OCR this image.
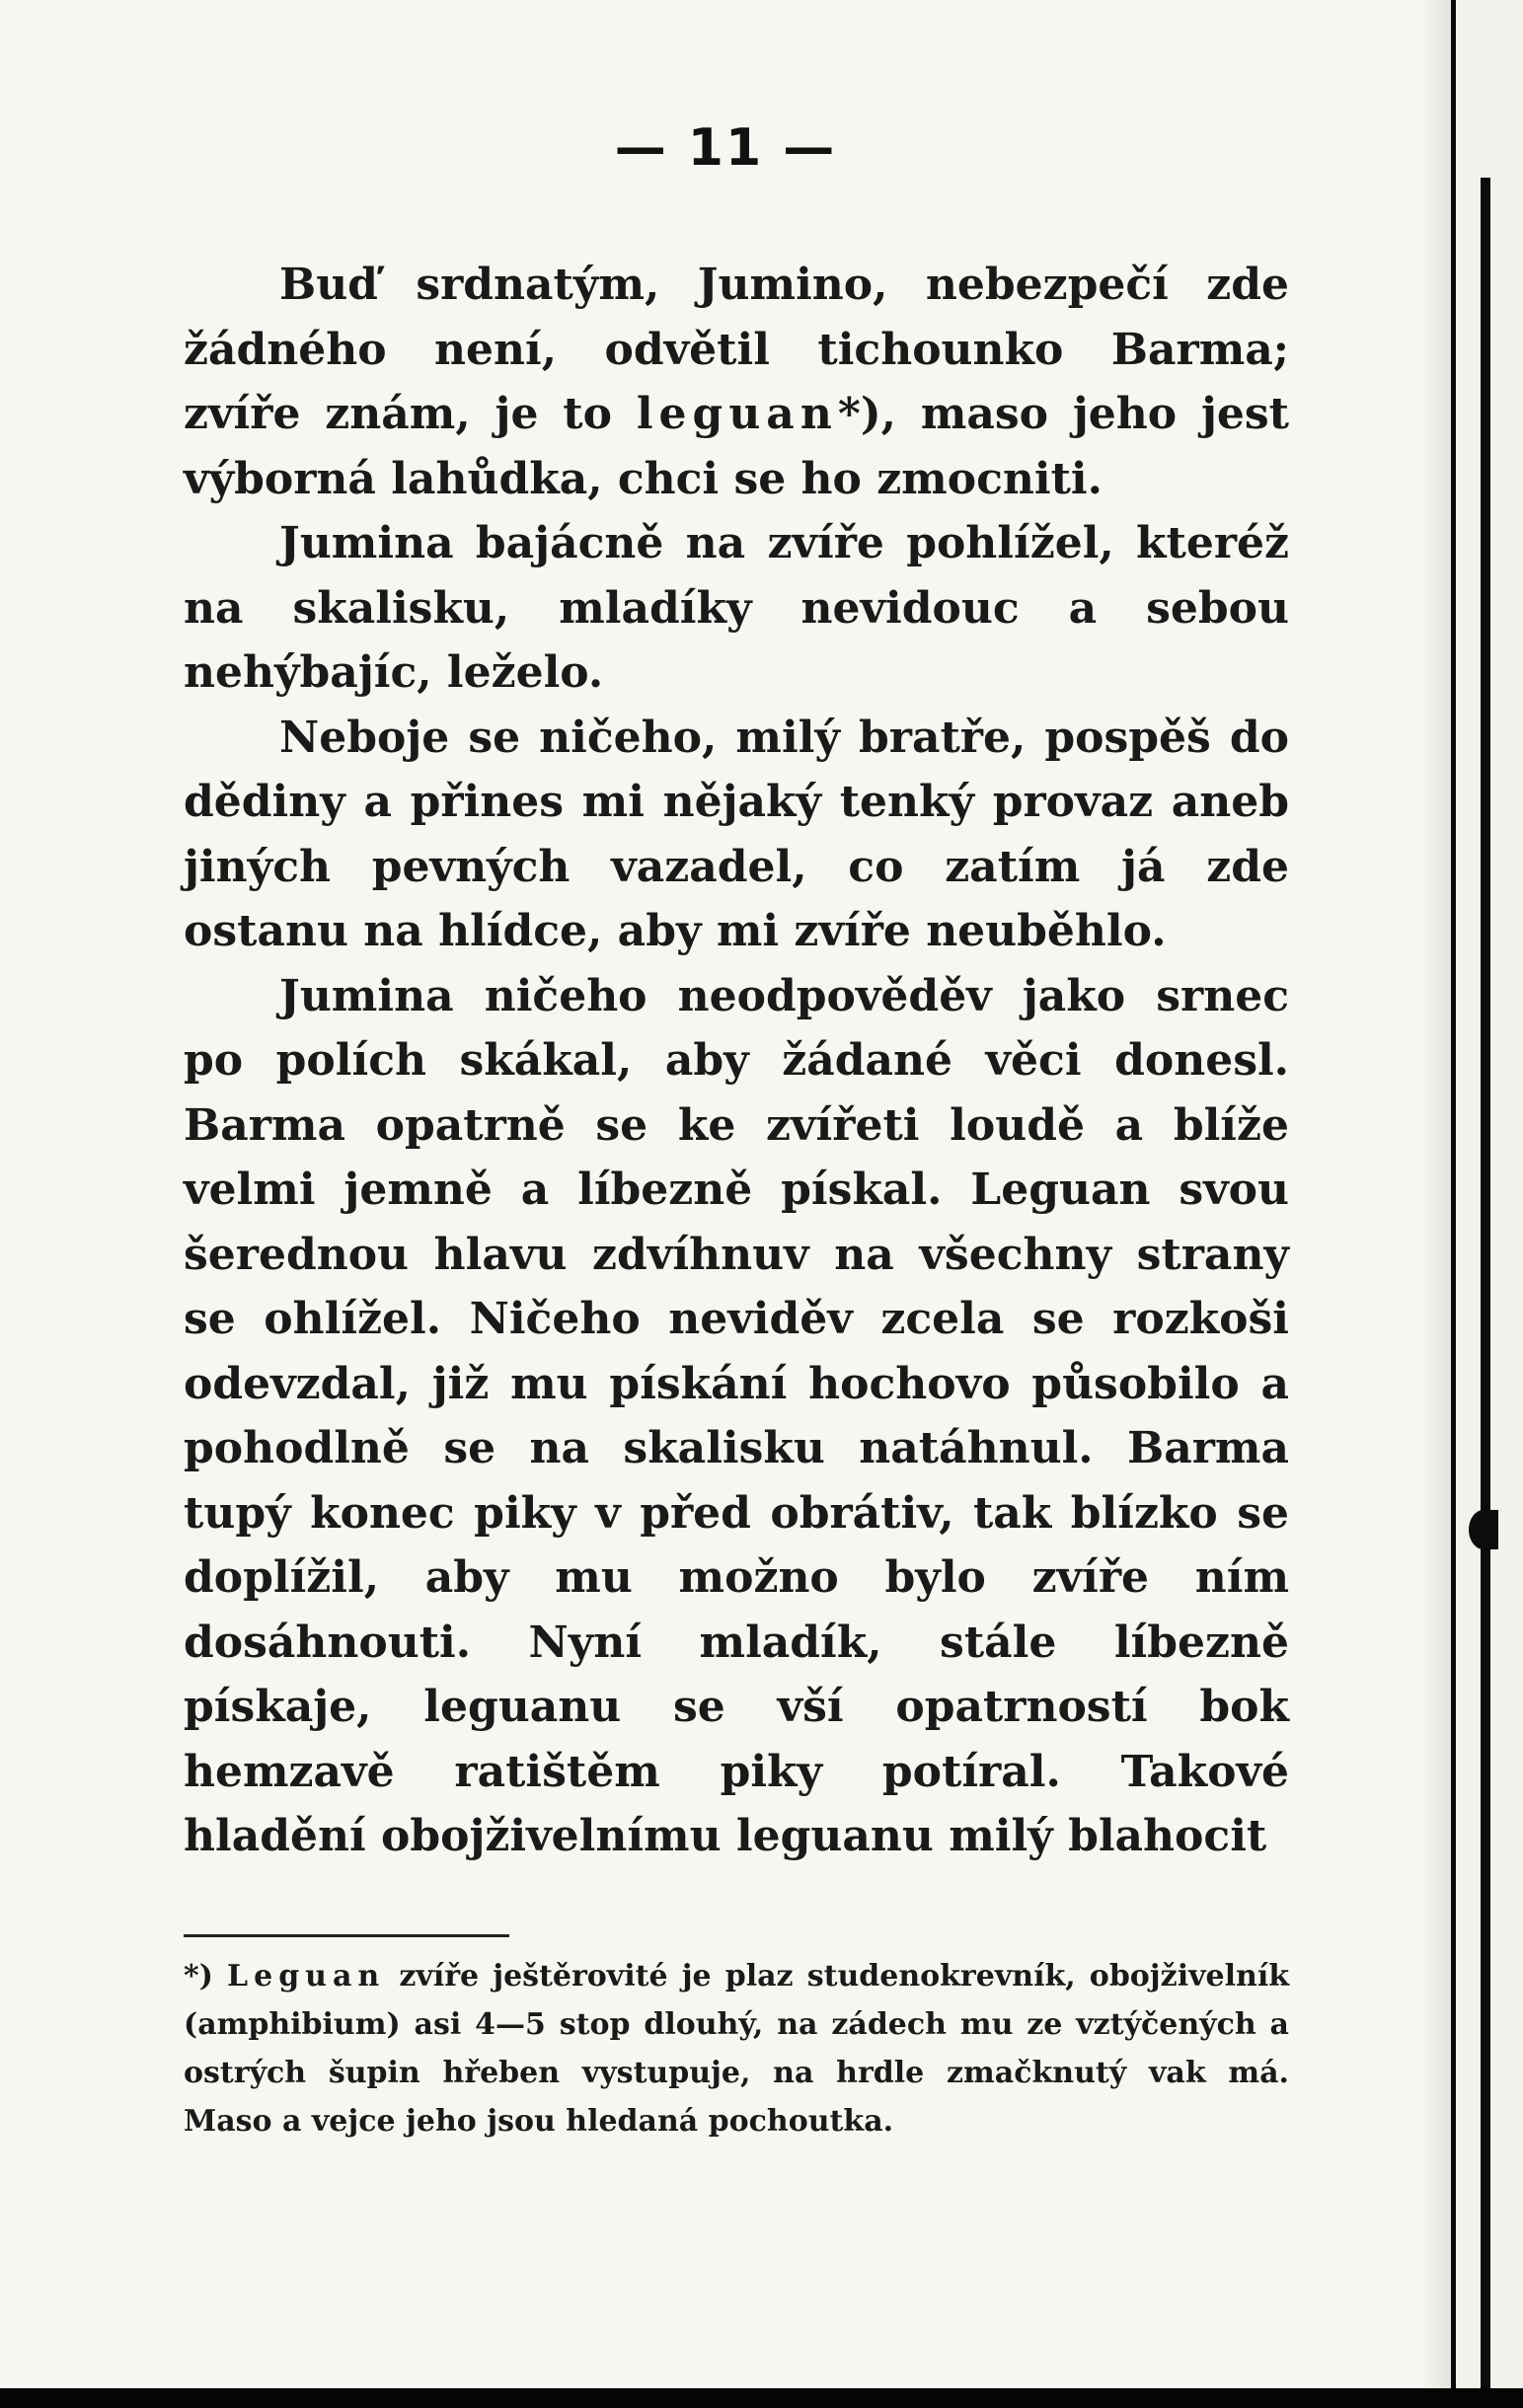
— 11 —

Buď srdnatým, Jumino, nebezpečí zde žádného není, odvětil tichounko Barma; zvíře znám, je to leguan*), maso jeho jest výborná lahůdka, chci se ho zmocniti.

Jumina bajácně na zvíře pohlížel, kteréž na skalisku, mladíky nevidouc a sebou nehýbajíc, leželo.

Neboje se ničeho, milý bratře, pospěš do dědiny a přines mi nějaký tenký provaz aneb jiných pevných vazadel, co zatím já zde ostanu na hlídce, aby mi zvíře neuběhlo.

Jumina ničeho neodpověděv jako srnec po polích skákal, aby žádané věci donesl. Barma opatrně se ke zvířeti loudě a blíže velmi jemně a líbezně pískal. Leguan svou šerednou hlavu zdvíhnuv na všechny strany se ohlížel. Ničeho neviděv zcela se rozkoši odevzdal, již mu pískání hochovo působilo a pohodlně se na skalisku natáhnul. Barma tupý konec piky v před obrátiv, tak blízko se doplížil, aby mu možno bylo zvíře ním dosáhnouti. Nyní mladík, stále líbezně pískaje, leguanu se vší opatrností bok hemzavě ratištěm piky potíral. Takové hladění obojživelnímu leguanu milý blahocit

*) Leguan zvíře ještěrovité je plaz studenokrevník, obojživelník (amphibium) asi 4—5 stop dlouhý, na zádech mu ze vztýčených a ostrých šupin hřeben vystupuje, na hrdle zmačknutý vak má. Maso a vejce jeho jsou hledaná pochoutka.
